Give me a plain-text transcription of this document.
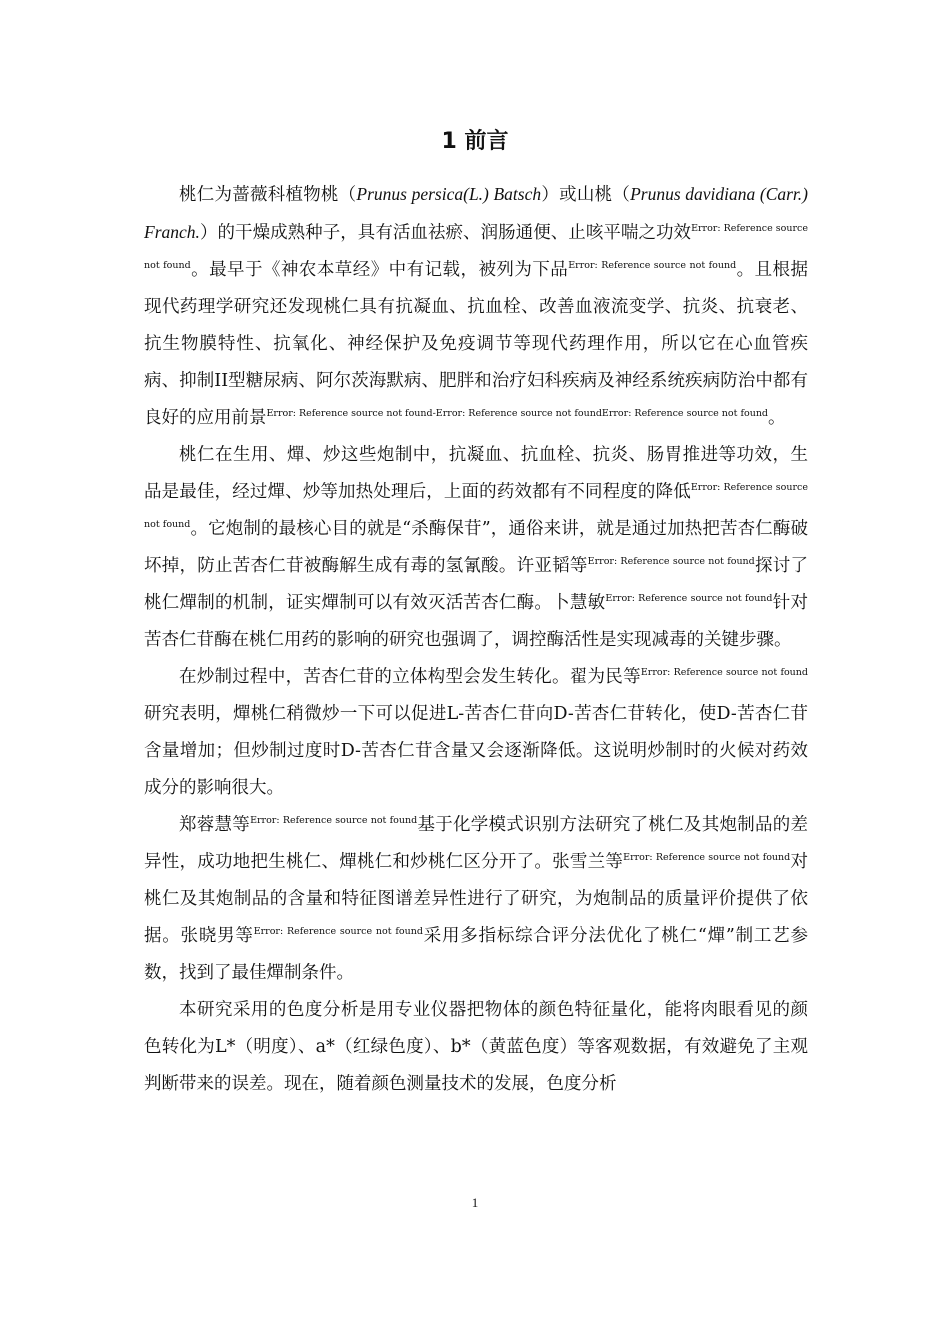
1 前言

桃仁为蔷薇科植物桃（Prunus persica(L.) Batsch）或山桃（Prunus davidiana (Carr.) Franch.）的干燥成熟种子，具有活血祛瘀、润肠通便、止咳平喘之功效$^{Error: Reference source not found}$。最早于《神农本草经》中有记载，被列为下品$^{Error: Reference source not found}$。且根据现代药理学研究还发现桃仁具有抗凝血、抗血栓、改善血液流变学、抗炎、抗衰老、抗生物膜特性、抗氧化、神经保护及免疫调节等现代药理作用，所以它在心血管疾病、抑制II型糖尿病、阿尔茨海默病、肥胖和治疗妇科疾病及神经系统疾病防治中都有良好的应用前景$^{Error: Reference source not found-Error: Reference source not foundError: Reference source not found}$。

桃仁在生用、燀、炒这些炮制中，抗凝血、抗血栓、抗炎、肠胃推进等功效，生品是最佳，经过燀、炒等加热处理后，上面的药效都有不同程度的降低$^{Error: Reference source not found}$。它炮制的最核心目的就是“杀酶保苷”，通俗来讲，就是通过加热把苦杏仁酶破坏掉，防止苦杏仁苷被酶解生成有毒的氢氰酸。许亚韬等$^{Error: Reference source not found}$探讨了桃仁燀制的机制，证实燀制可以有效灭活苦杏仁酶。卜慧敏$^{Error: Reference source not found}$针对苦杏仁苷酶在桃仁用药的影响的研究也强调了，调控酶活性是实现减毒的关键步骤。

在炒制过程中，苦杏仁苷的立体构型会发生转化。翟为民等$^{Error: Reference source not found}$研究表明，燀桃仁稍微炒一下可以促进L-苦杏仁苷向D-苦杏仁苷转化，使D-苦杏仁苷含量增加；但炒制过度时D-苦杏仁苷含量又会逐渐降低。这说明炒制时的火候对药效成分的影响很大。

郑蓉慧等$^{Error: Reference source not found}$基于化学模式识别方法研究了桃仁及其炮制品的差异性，成功地把生桃仁、燀桃仁和炒桃仁区分开了。张雪兰等$^{Error: Reference source not found}$对桃仁及其炮制品的含量和特征图谱差异性进行了研究，为炮制品的质量评价提供了依据。张晓男等$^{Error: Reference source not found}$采用多指标综合评分法优化了桃仁“燀”制工艺参数，找到了最佳燀制条件。

本研究采用的色度分析是用专业仪器把物体的颜色特征量化，能将肉眼看见的颜色转化为L*（明度）、a*（红绿色度）、b*（黄蓝色度）等客观数据，有效避免了主观判断带来的误差。现在，随着颜色测量技术的发展，色度分析

1
